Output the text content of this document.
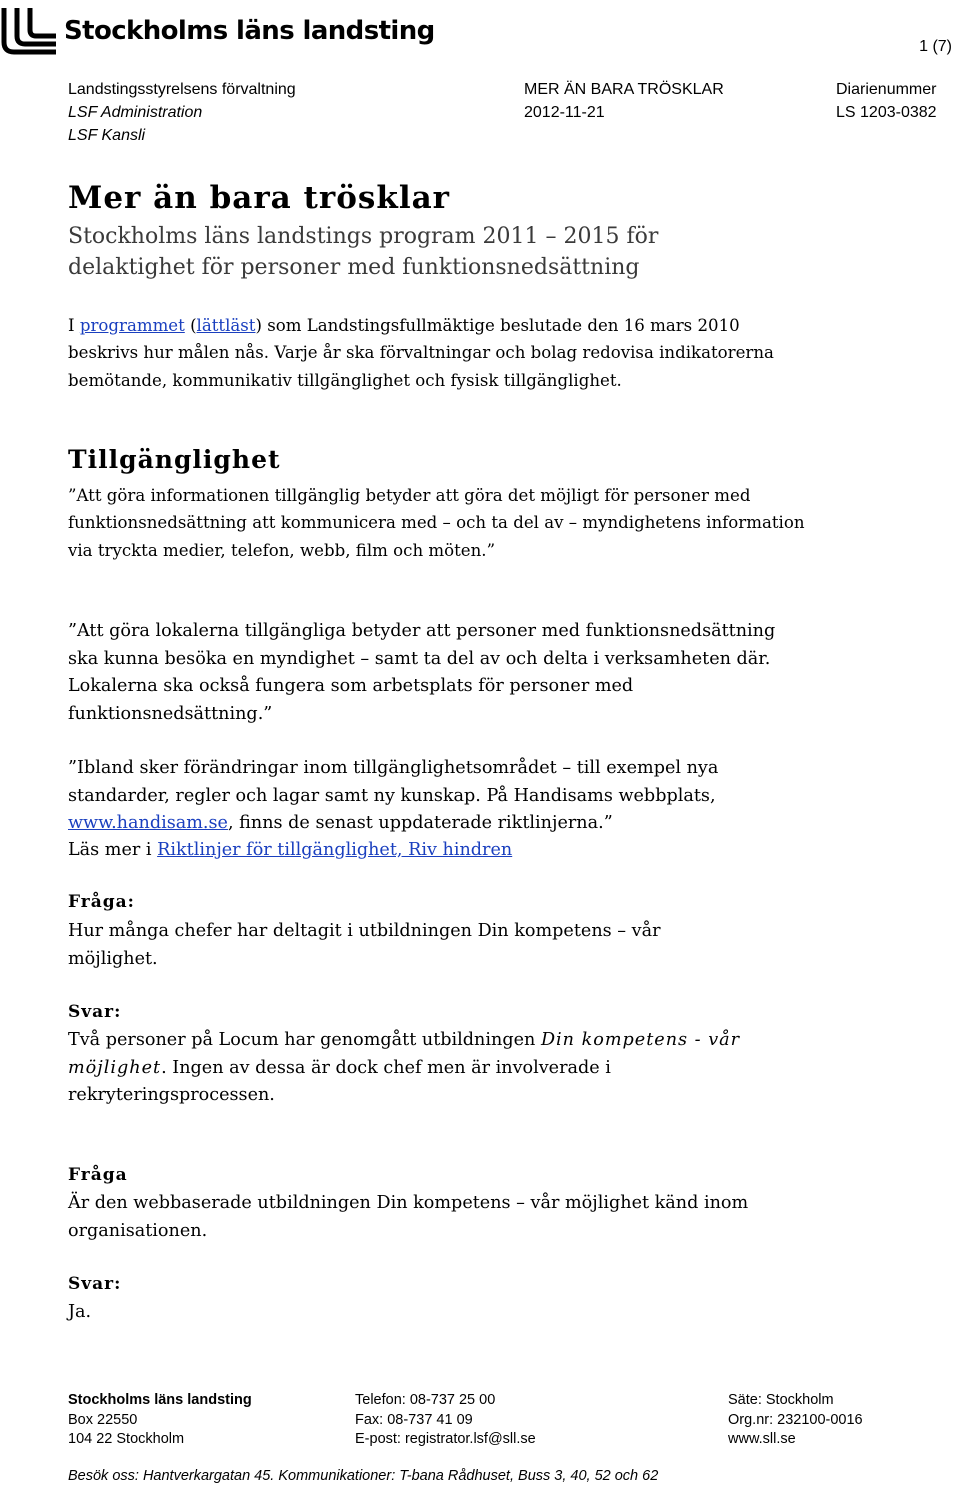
Stockholms läns landsting
1 (7)
Landstingsstyrelsens förvaltning
LSF Administration
LSF Kansli
MER ÄN BARA TRÖSKLAR
2012-11-21
Diarienummer
LS 1203-0382
Mer än bara trösklar
Stockholms läns landstings program 2011 – 2015 för
delaktighet för personer med funktionsnedsättning
I programmet (lättläst) som Landstingsfullmäktige beslutade den 16 mars 2010 beskrivs hur målen nås. Varje år ska förvaltningar och bolag redovisa indikatorerna bemötande, kommunikativ tillgänglighet och fysisk tillgänglighet.
Tillgänglighet
”Att göra informationen tillgänglig betyder att göra det möjligt för personer med funktionsnedsättning att kommunicera med – och ta del av – myndighetens information via tryckta medier, telefon, webb, film och möten.”
”Att göra lokalerna tillgängliga betyder att personer med funktionsnedsättning ska kunna besöka en myndighet – samt ta del av och delta i verksamheten där. Lokalerna ska också fungera som arbetsplats för personer med funktionsnedsättning.”
”Ibland sker förändringar inom tillgänglighetsområdet – till exempel nya standarder, regler och lagar samt ny kunskap. På Handisams webbplats, www.handisam.se, finns de senast uppdaterade riktlinjerna.”
Läs mer i Riktlinjer för tillgänglighet, Riv hindren
Fråga:
Hur många chefer har deltagit i utbildningen Din kompetens – vår möjlighet.
Svar:
Två personer på Locum har genomgått utbildningen Din kompetens - vår möjlighet. Ingen av dessa är dock chef men är involverade i rekryteringsprocessen.
Fråga
Är den webbaserade utbildningen Din kompetens – vår möjlighet känd inom organisationen.
Svar:
Ja.
Stockholms läns landsting
Box 22550
104 22 Stockholm
Telefon: 08-737 25 00
Fax: 08-737 41 09
E-post: registrator.lsf@sll.se
Säte: Stockholm
Org.nr: 232100-0016
www.sll.se
Besök oss: Hantverkargatan 45. Kommunikationer: T-bana Rådhuset, Buss 3, 40, 52 och 62
